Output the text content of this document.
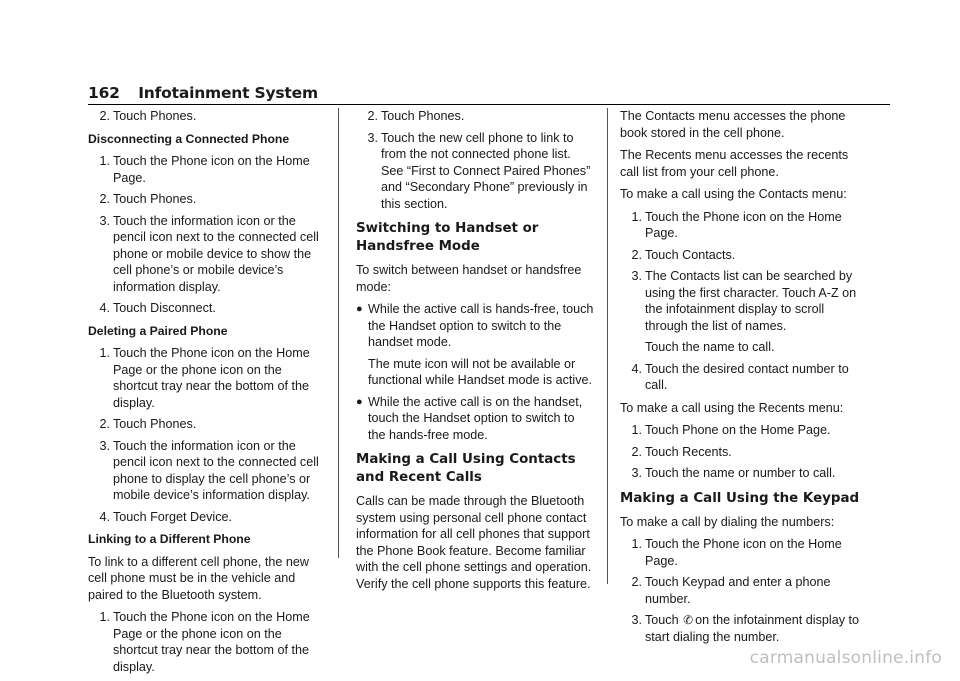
162 Infotainment System
2. Touch Phones.
Disconnecting a Connected Phone
1. Touch the Phone icon on the Home Page.
2. Touch Phones.
3. Touch the information icon or the pencil icon next to the connected cell phone or mobile device to show the cell phone’s or mobile device’s information display.
4. Touch Disconnect.
Deleting a Paired Phone
1. Touch the Phone icon on the Home Page or the phone icon on the shortcut tray near the bottom of the display.
2. Touch Phones.
3. Touch the information icon or the pencil icon next to the connected cell phone to display the cell phone’s or mobile device’s information display.
4. Touch Forget Device.
Linking to a Different Phone

To link to a different cell phone, the new cell phone must be in the vehicle and paired to the Bluetooth system.

1. Touch the Phone icon on the Home Page or the phone icon on the shortcut tray near the bottom of the display.
2. Touch Phones.
3. Touch the new cell phone to link to from the not connected phone list. See “First to Connect Paired Phones” and “Secondary Phone” previously in this section.
Switching to Handset or Handsfree Mode

To switch between handset or handsfree mode:

● While the active call is hands-free, touch the Handset option to switch to the handset mode.
The mute icon will not be available or functional while Handset mode is active.
● While the active call is on the handset, touch the Handset option to switch to the hands-free mode.
Making a Call Using Contacts and Recent Calls

Calls can be made through the Bluetooth system using personal cell phone contact information for all cell phones that support the Phone Book feature. Become familiar with the cell phone settings and operation. Verify the cell phone supports this feature.

The Contacts menu accesses the phone book stored in the cell phone.

The Recents menu accesses the recents call list from your cell phone.

To make a call using the Contacts menu:

1. Touch the Phone icon on the Home Page.
2. Touch Contacts.
3. The Contacts list can be searched by using the first character. Touch A-Z on the infotainment display to scroll through the list of names.
Touch the name to call.
4. Touch the desired contact number to call.

To make a call using the Recents menu:

1. Touch Phone on the Home Page.
2. Touch Recents.
3. Touch the name or number to call.
Making a Call Using the Keypad

To make a call by dialing the numbers:

1. Touch the Phone icon on the Home Page.
2. Touch Keypad and enter a phone number.
3. Touch ✆ on the infotainment display to start dialing the number.
carmanualsonline.info
